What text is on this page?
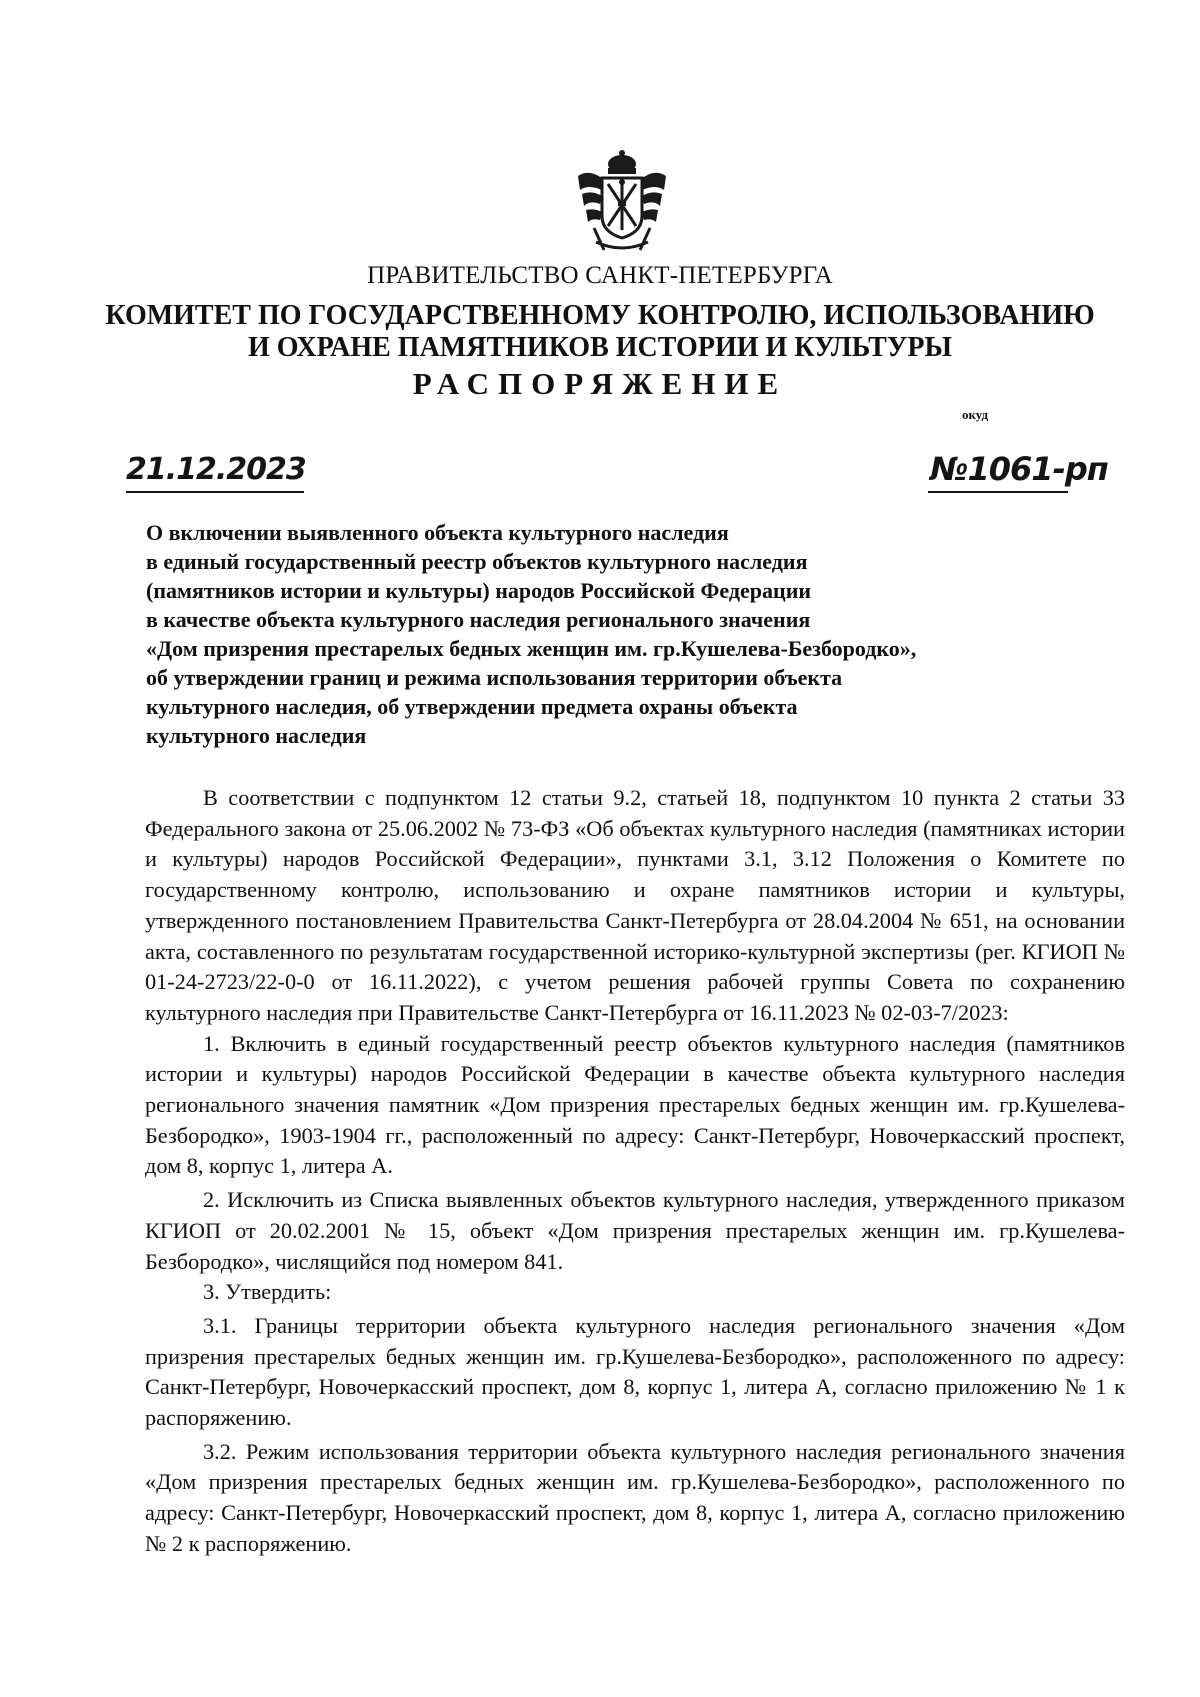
ПРАВИТЕЛЬСТВО САНКТ-ПЕТЕРБУРГА
КОМИТЕТ ПО ГОСУДАРСТВЕННОМУ КОНТРОЛЮ, ИСПОЛЬЗОВАНИЮ
И ОХРАНЕ ПАМЯТНИКОВ ИСТОРИИ И КУЛЬТУРЫ
РАСПОРЯЖЕНИЕ
окуд
21.12.2023	№1061-рп
О включении выявленного объекта культурного наследия
в единый государственный реестр объектов культурного наследия
(памятников истории и культуры) народов Российской Федерации
в качестве объекта культурного наследия регионального значения
«Дом призрения престарелых бедных женщин им. гр.Кушелева-Безбородко»,
об утверждении границ и режима использования территории объекта
культурного наследия, об утверждении предмета охраны объекта
культурного наследия

В соответствии с подпунктом 12 статьи 9.2, статьей 18, подпунктом 10 пункта 2 статьи 33 Федерального закона от 25.06.2002 № 73-ФЗ «Об объектах культурного наследия (памятниках истории и культуры) народов Российской Федерации», пунктами 3.1, 3.12 Положения о Комитете по государственному контролю, использованию и охране памятников истории и культуры, утвержденного постановлением Правительства Санкт-Петербурга от 28.04.2004 № 651, на основании акта, составленного по результатам государственной историко-культурной экспертизы (рег. КГИОП № 01-24-2723/22-0-0 от 16.11.2022), с учетом решения рабочей группы Совета по сохранению культурного наследия при Правительстве Санкт-Петербурга от 16.11.2023 № 02-03-7/2023:

1. Включить в единый государственный реестр объектов культурного наследия (памятников истории и культуры) народов Российской Федерации в качестве объекта культурного наследия регионального значения памятник «Дом призрения престарелых бедных женщин им. гр.Кушелева-Безбородко», 1903-1904 гг., расположенный по адресу: Санкт-Петербург, Новочеркасский проспект, дом 8, корпус 1, литера А.

2. Исключить из Списка выявленных объектов культурного наследия, утвержденного приказом КГИОП от 20.02.2001 № 15, объект «Дом призрения престарелых женщин им. гр.Кушелева-Безбородко», числящийся под номером 841.

3. Утвердить:

3.1. Границы территории объекта культурного наследия регионального значения «Дом призрения престарелых бедных женщин им. гр.Кушелева-Безбородко», расположенного по адресу: Санкт-Петербург, Новочеркасский проспект, дом 8, корпус 1, литера А, согласно приложению № 1 к распоряжению.

3.2. Режим использования территории объекта культурного наследия регионального значения «Дом призрения престарелых бедных женщин им. гр.Кушелева-Безбородко», расположенного по адресу: Санкт-Петербург, Новочеркасский проспект, дом 8, корпус 1, литера А, согласно приложению № 2 к распоряжению.
